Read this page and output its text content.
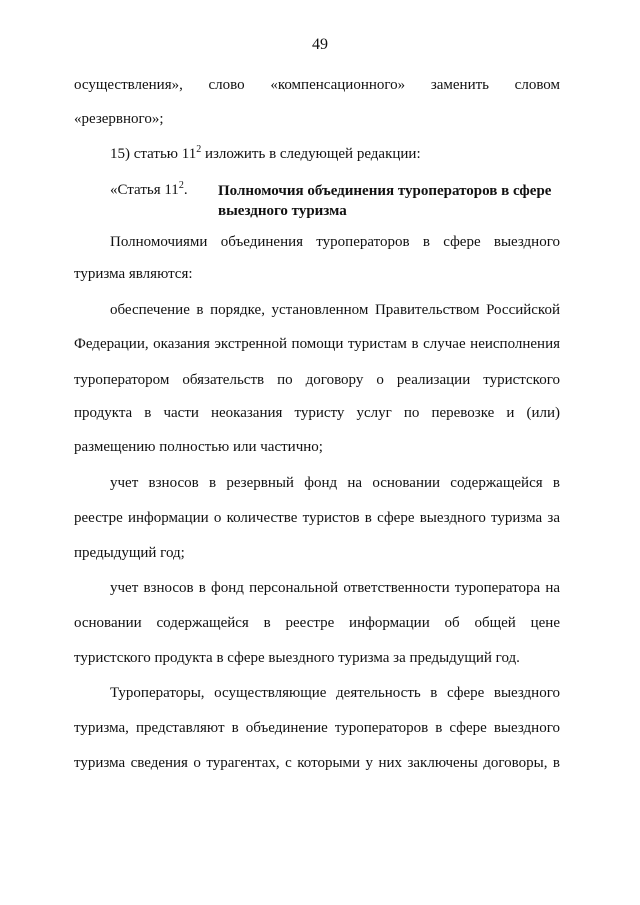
49
осуществления», слово «компенсационного» заменить словом
«резервного»;
15) статью $11^2$ изложить в следующей редакции:
«Статья $11^2$. Полномочия объединения туроператоров в сфере выездного туризма
Полномочиями объединения туроператоров в сфере выездного
туризма являются:
обеспечение в порядке, установленном Правительством Российской
Федерации, оказания экстренной помощи туристам в случае неисполнения
туроператором обязательств по договору о реализации туристского
продукта в части неоказания туристу услуг по перевозке и (или)
размещению полностью или частично;
учет взносов в резервный фонд на основании содержащейся в
реестре информации о количестве туристов в сфере выездного туризма за
предыдущий год;
учет взносов в фонд персональной ответственности туроператора на
основании содержащейся в реестре информации об общей цене
туристского продукта в сфере выездного туризма за предыдущий год.
Туроператоры, осуществляющие деятельность в сфере выездного
туризма, представляют в объединение туроператоров в сфере выездного
туризма сведения о турагентах, с которыми у них заключены договоры, в
